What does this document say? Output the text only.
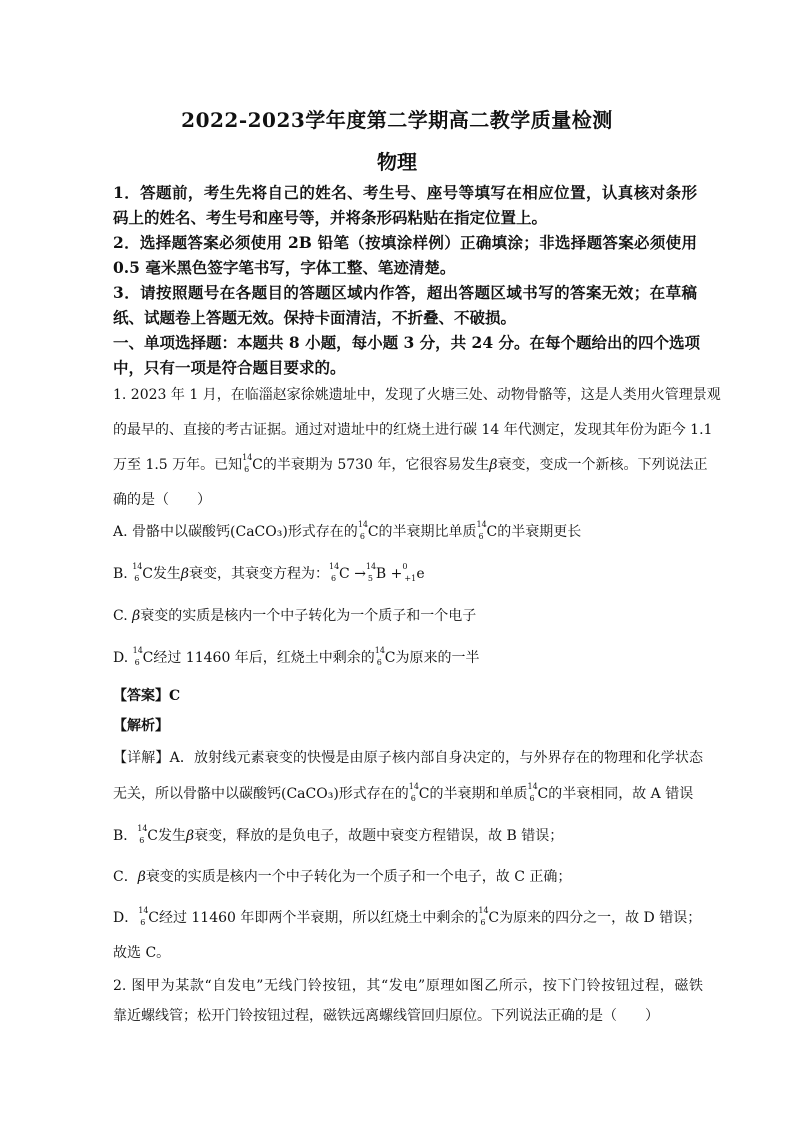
2022-2023学年度第二学期高二教学质量检测
物理
1．答题前，考生先将自己的姓名、考生号、座号等填写在相应位置，认真核对条形
码上的姓名、考生号和座号等，并将条形码粘贴在指定位置上。
2．选择题答案必须使用 2B 铅笔（按填涂样例）正确填涂；非选择题答案必须使用
0.5 毫米黑色签字笔书写，字体工整、笔迹清楚。
3．请按照题号在各题目的答题区域内作答，超出答题区域书写的答案无效；在草稿
纸、试题卷上答题无效。保持卡面清洁，不折叠、不破损。
一、单项选择题：本题共 8 小题，每小题 3 分，共 24 分。在每个题给出的四个选项
中，只有一项是符合题目要求的。
1. 2023 年 1 月，在临淄赵家徐姚遗址中，发现了火塘三处、动物骨骼等，这是人类用火管理景观
的最早的、直接的考古证据。通过对遗址中的红烧土进行碳 14 年代测定，发现其年份为距今 1.1
万至 1.5 万年。已知 14
6 C的半衰期为 5730 年，它很容易发生β衰变，变成一个新核。下列说法正
确的是（　　）
A. 骨骼中以碳酸钙(CaCO₃)形式存在的 14
6 C的半衰期比单质 14
6 C的半衰期更长
B. 14
6 C发生β衰变，其衰变方程为： 14
6 C → 14
5 B + 0
+1 e
C. β衰变的实质是核内一个中子转化为一个质子和一个电子
D. 14
6 C经过 11460 年后，红烧土中剩余的 14
6 C为原来的一半
【答案】C
【解析】
【详解】A．放射线元素衰变的快慢是由原子核内部自身决定的，与外界存在的物理和化学状态
无关，所以骨骼中以碳酸钙(CaCO₃)形式存在的 14
6 C的半衰期和单质 14
6 C的半衰相同，故 A 错误
B． 14
6 C发生β衰变，释放的是负电子，故题中衰变方程错误，故 B 错误；
C．β衰变的实质是核内一个中子转化为一个质子和一个电子，故 C 正确；
D． 14
6 C经过 11460 年即两个半衰期，所以红烧土中剩余的 14
6 C为原来的四分之一，故 D 错误；
故选 C。
2. 图甲为某款“自发电”无线门铃按钮，其“发电”原理如图乙所示，按下门铃按钮过程，磁铁
靠近螺线管；松开门铃按钮过程，磁铁远离螺线管回归原位。下列说法正确的是（　　）
